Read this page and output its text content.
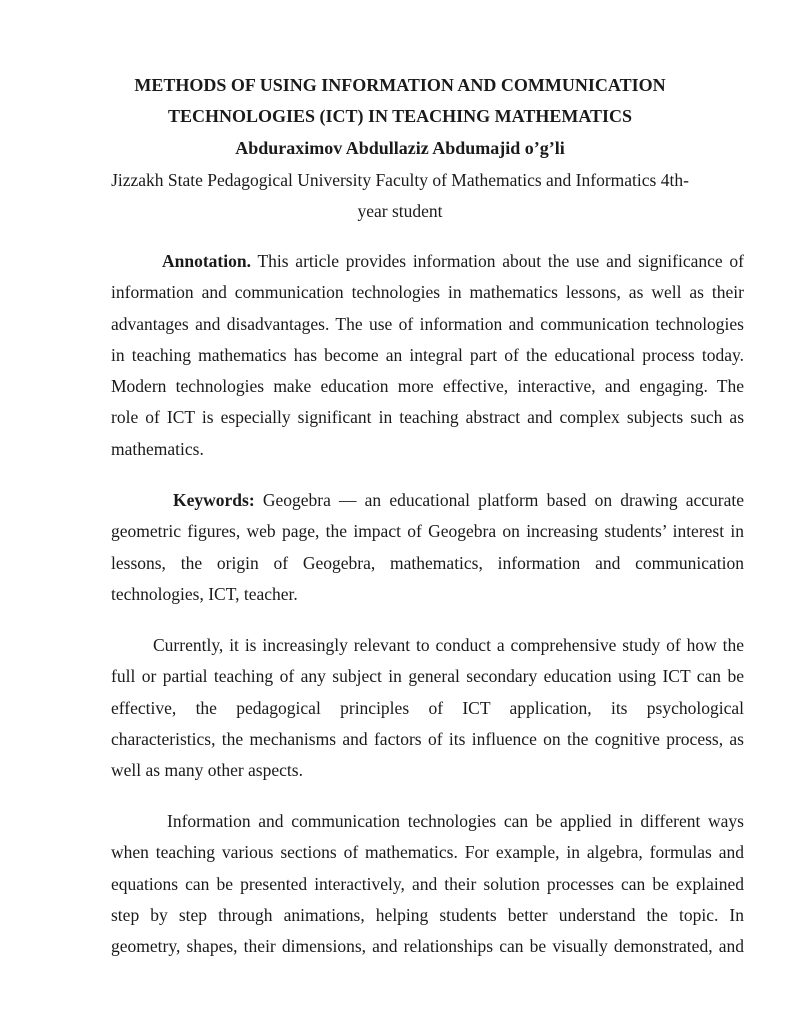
METHODS OF USING INFORMATION AND COMMUNICATION
TECHNOLOGIES (ICT) IN TEACHING MATHEMATICS
Abduraximov Abdullaziz Abdumajid o’g’li
Jizzakh State Pedagogical University Faculty of Mathematics and Informatics 4th-
year student
Annotation. This article provides information about the use and significance of
information and communication technologies in mathematics lessons, as well as their
advantages and disadvantages. The use of information and communication technologies
in teaching mathematics has become an integral part of the educational process today.
Modern technologies make education more effective, interactive, and engaging. The
role of ICT is especially significant in teaching abstract and complex subjects such as
mathematics.
Keywords: Geogebra — an educational platform based on drawing accurate
geometric figures, web page, the impact of Geogebra on increasing students’ interest in
lessons, the origin of Geogebra, mathematics, information and communication
technologies, ICT, teacher.
Currently, it is increasingly relevant to conduct a comprehensive study of how the
full or partial teaching of any subject in general secondary education using ICT can be
effective, the pedagogical principles of ICT application, its psychological
characteristics, the mechanisms and factors of its influence on the cognitive process, as
well as many other aspects.
Information and communication technologies can be applied in different ways
when teaching various sections of mathematics. For example, in algebra, formulas and
equations can be presented interactively, and their solution processes can be explained
step by step through animations, helping students better understand the topic. In
geometry, shapes, their dimensions, and relationships can be visually demonstrated, and
